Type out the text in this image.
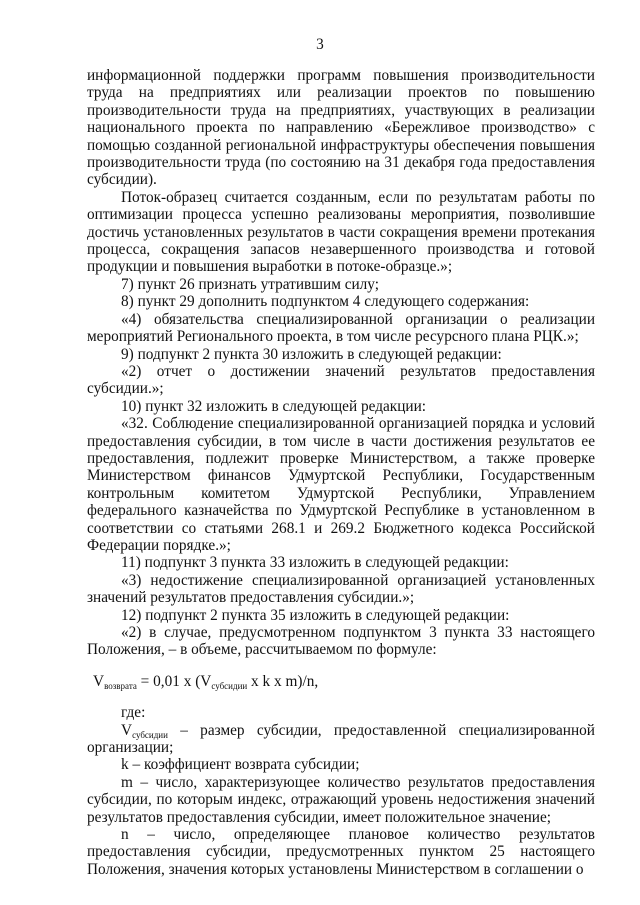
3

информационной поддержки программ повышения производительности труда на предприятиях или реализации проектов по повышению производительности труда на предприятиях, участвующих в реализации национального проекта по направлению «Бережливое производство» с помощью созданной региональной инфраструктуры обеспечения повышения производительности труда (по состоянию на 31 декабря года предоставления субсидии).

Поток-образец считается созданным, если по результатам работы по оптимизации процесса успешно реализованы мероприятия, позволившие достичь установленных результатов в части сокращения времени протекания процесса, сокращения запасов незавершенного производства и готовой продукции и повышения выработки в потоке-образце.»;

7) пункт 26 признать утратившим силу;

8) пункт 29 дополнить подпунктом 4 следующего содержания:

«4) обязательства специализированной организации о реализации мероприятий Регионального проекта, в том числе ресурсного плана РЦК.»;

9) подпункт 2 пункта 30 изложить в следующей редакции:

«2) отчет о достижении значений результатов предоставления субсидии.»;

10) пункт 32 изложить в следующей редакции:

«32. Соблюдение специализированной организацией порядка и условий предоставления субсидии, в том числе в части достижения результатов ее предоставления, подлежит проверке Министерством, а также проверке Министерством финансов Удмуртской Республики, Государственным контрольным комитетом Удмуртской Республики, Управлением федерального казначейства по Удмуртской Республике в установленном в соответствии со статьями 268.1 и 269.2 Бюджетного кодекса Российской Федерации порядке.»;

11) подпункт 3 пункта 33 изложить в следующей редакции:

«3) недостижение специализированной организацией установленных значений результатов предоставления субсидии.»;

12) подпункт 2 пункта 35 изложить в следующей редакции:

«2) в случае, предусмотренном подпунктом 3 пункта 33 настоящего Положения, – в объеме, рассчитываемом по формуле:

$V_{возврата} = 0,01$ x ($V_{субсидии}$ x k x m)/n,

где:

$V_{субсидии}$ – размер субсидии, предоставленной специализированной организации;

k – коэффициент возврата субсидии;

m – число, характеризующее количество результатов предоставления субсидии, по которым индекс, отражающий уровень недостижения значений результатов предоставления субсидии, имеет положительное значение;

n – число, определяющее плановое количество результатов предоставления субсидии, предусмотренных пунктом 25 настоящего Положения, значения которых установлены Министерством в соглашении о
